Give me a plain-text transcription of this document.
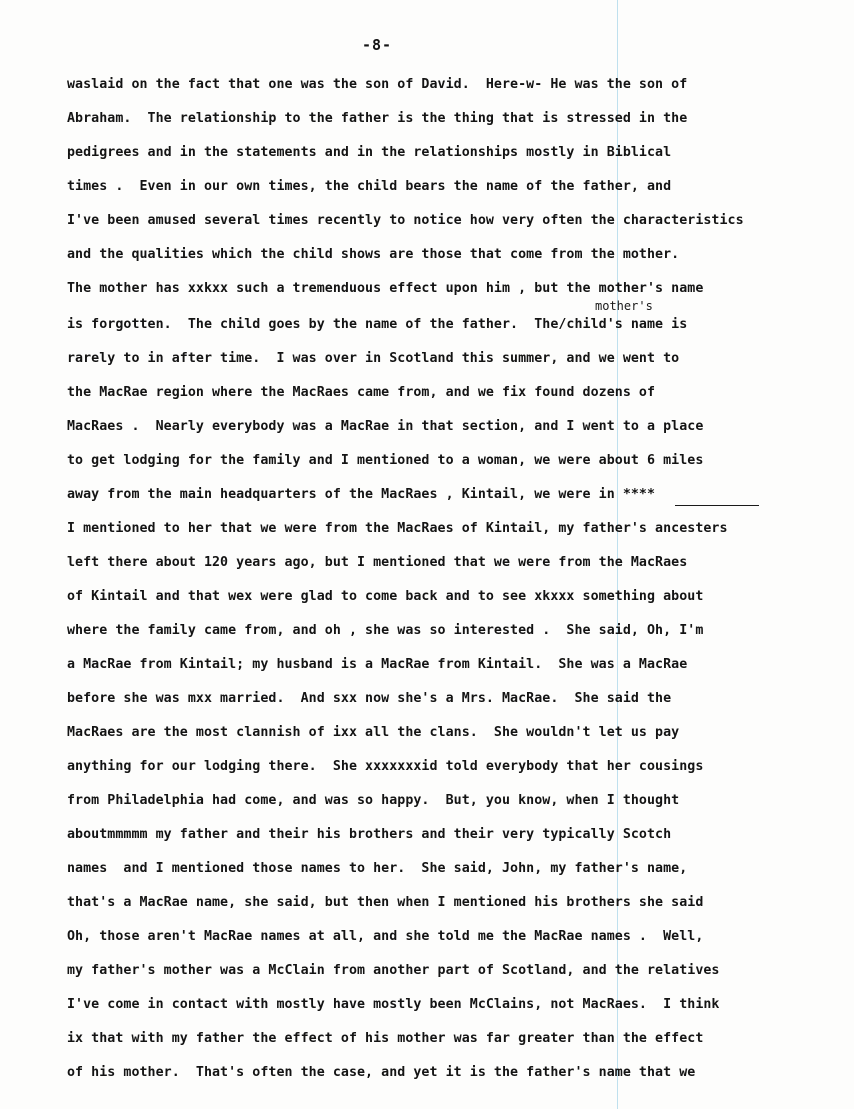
-8-
mother's
waslaid on the fact that one was the son of David.  Here-w- He was the son of
Abraham.  The relationship to the father is the thing that is stressed in the
pedigrees and in the statements and in the relationships mostly in Biblical
times .  Even in our own times, the child bears the name of the father, and
I've been amused several times recently to notice how very often the characteristics
and the qualities which the child shows are those that come from the mother.
The mother has xxkxx such a tremenduous effect upon him , but the mother's name
is forgotten.  The child goes by the name of the father.  The/child's name is
rarely to in after time.  I was over in Scotland this summer, and we went to
the MacRae region where the MacRaes came from, and we fix found dozens of
MacRaes .  Nearly everybody was a MacRae in that section, and I went to a place
to get lodging for the family and I mentioned to a woman, we were about 6 miles
away from the main headquarters of the MacRaes , Kintail, we were in ****
I mentioned to her that we were from the MacRaes of Kintail, my father's ancesters
left there about 120 years ago, but I mentioned that we were from the MacRaes
of Kintail and that wex were glad to come back and to see xkxxx something about
where the family came from, and oh , she was so interested .  She said, Oh, I'm
a MacRae from Kintail; my husband is a MacRae from Kintail.  She was a MacRae
before she was mxx married.  And sxx now she's a Mrs. MacRae.  She said the
MacRaes are the most clannish of ixx all the clans.  She wouldn't let us pay
anything for our lodging there.  She xxxxxxxid told everybody that her cousings
from Philadelphia had come, and was so happy.  But, you know, when I thought
aboutmmmmm my father and their his brothers and their very typically Scotch
names  and I mentioned those names to her.  She said, John, my father's name,
that's a MacRae name, she said, but then when I mentioned his brothers she said
Oh, those aren't MacRae names at all, and she told me the MacRae names .  Well,
my father's mother was a McClain from another part of Scotland, and the relatives
I've come in contact with mostly have mostly been McClains, not MacRaes.  I think
ix that with my father the effect of his mother was far greater than the effect
of his mother.  That's often the case, and yet it is the father's name that we
